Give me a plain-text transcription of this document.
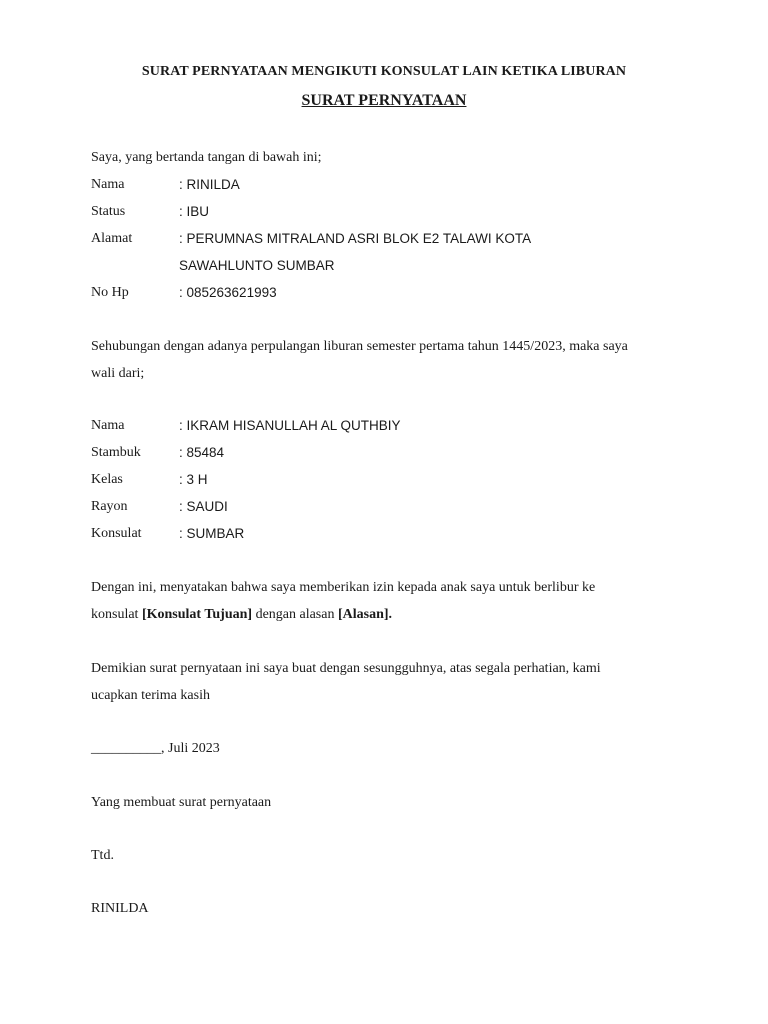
SURAT PERNYATAAN MENGIKUTI KONSULAT LAIN KETIKA LIBURAN
SURAT PERNYATAAN
Saya, yang bertanda tangan di bawah ini;
Nama	: RINILDA
Status	: IBU
Alamat	: PERUMNAS MITRALAND ASRI BLOK E2 TALAWI KOTA
SAWAHLUNTO SUMBAR
No Hp	: 085263621993
Sehubungan dengan adanya perpulangan liburan semester pertama tahun 1445/2023, maka saya
wali dari;
Nama	: IKRAM HISANULLAH AL QUTHBIY
Stambuk	: 85484
Kelas	: 3 H
Rayon	: SAUDI
Konsulat	: SUMBAR
Dengan ini, menyatakan bahwa saya memberikan izin kepada anak saya untuk berlibur ke
konsulat [Konsulat Tujuan] dengan alasan [Alasan].
Demikian surat pernyataan ini saya buat dengan sesungguhnya, atas segala perhatian, kami
ucapkan terima kasih
__________, Juli 2023
Yang membuat surat pernyataan
Ttd.
RINILDA
